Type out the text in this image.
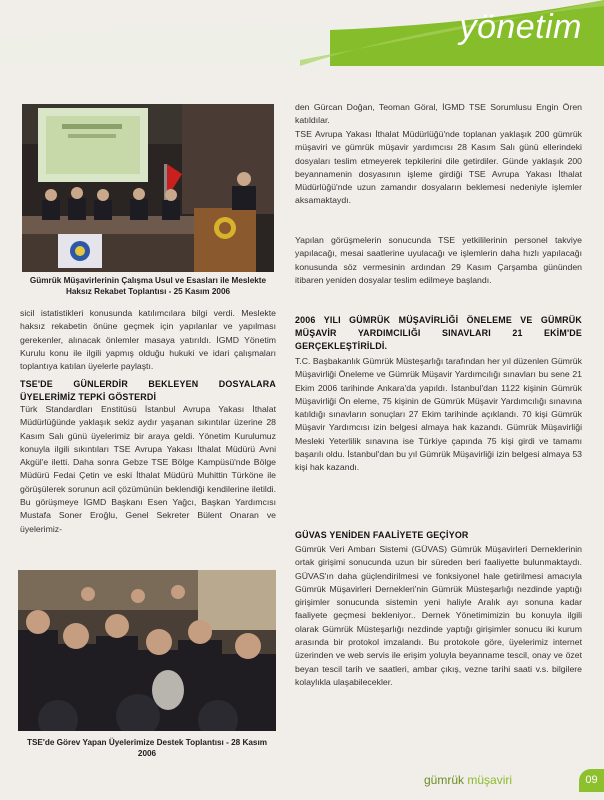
yönetim
Gümrük Müşavirlerinin Çalışma Usul ve Esasları ile Meslekte Haksız Rekabet Toplantısı - 25 Kasım 2006
sicil istatistikleri konusunda katılımcılara bilgi verdi. Meslekte haksız rekabetin önüne geçmek için yapılanlar ve yapılması gerekenler, alınacak önlemler masaya yatırıldı. İGMD Yönetim Kurulu konu ile ilgili yapmış olduğu hukuki ve idari çalışmaları toplantıya katılan üyelerle paylaştı.
TSE'DE GÜNLERDİR BEKLEYEN DOSYALARA ÜYELERİMİZ TEPKİ GÖSTERDİ
Türk Standardları Enstitüsü İstanbul Avrupa Yakası İthalat Müdürlüğünde yaklaşık sekiz aydır yaşanan sıkıntılar üzerine 28 Kasım Salı günü üyelerimiz bir araya geldi. Yönetim Kurulumuz konuyla ilgili sıkıntıları TSE Avrupa Yakası İthalat Müdürü Avni Akgül'e iletti. Daha sonra Gebze TSE Bölge Kampüsü'nde Bölge Müdürü Fedai Çetin ve eski İthalat Müdürü Muhittin Türköne ile görüşülerek sorunun acil çözümünün beklendiği kendilerine iletildi. Bu görüşmeye İGMD Başkanı Esen Yağcı, Başkan Yardımcısı Mustafa Soner Eroğlu, Genel Sekreter Bülent Onaran ve üyelerimiz-
TSE'de Görev Yapan Üyelerimize Destek Toplantısı - 28 Kasım 2006
den Gürcan Doğan, Teoman Göral, İGMD TSE Sorumlusu Engin Ören katıldılar.
TSE Avrupa Yakası İthalat Müdürlüğü'nde toplanan yaklaşık 200 gümrük müşaviri ve gümrük müşavir yardımcısı 28 Kasım Salı günü ellerindeki dosyaları teslim etmeyerek tepkilerini dile getirdiler. Günde yaklaşık 200 beyannamenin dosyasının işleme girdiği TSE Avrupa Yakası İthalat Müdürlüğü'nde uzun zamandır dosyaların beklemesi nedeniyle işlemler aksamaktaydı.
Yapılan görüşmelerin sonucunda TSE yetkililerinin personel takviye yapılacağı, mesai saatlerine uyulacağı ve işlemlerin daha hızlı yapılacağı konusunda söz vermesinin ardından 29 Kasım Çarşamba gününden itibaren yeniden dosyalar teslim edilmeye başlandı.
2006 YILI GÜMRÜK MÜŞAVİRLİĞİ ÖNELEME VE GÜMRÜK MÜŞAVİR YARDIMCILIĞI SINAVLARI 21 EKİM'DE GERÇEKLEŞTİRİLDİ.
T.C. Başbakanlık Gümrük Müsteşarlığı tarafından her yıl düzenlen Gümrük Müşavirliği Öneleme ve Gümrük Müşavir Yardımcılığı sınavları bu sene 21 Ekim 2006 tarihinde Ankara'da yapıldı. İstanbul'dan 1122 kişinin Gümrük Müşavirliği Ön eleme, 75 kişinin de Gümrük Müşavir Yardımcılığı sınavına katıldığı sınavların sonuçları 27 Ekim tarihinde açıklandı. 70 kişi Gümrük Müşavir Yardımcısı izin belgesi almaya hak kazandı. Gümrük Müşavirliği Mesleki Yeterlilik sınavına ise Türkiye çapında 75 kişi girdi ve tamamı başarılı oldu. İstanbul'dan bu yıl Gümrük Müşavirliği izin belgesi almaya 53 kişi hak kazandı.
GÜVAS YENİDEN FAALİYETE GEÇİYOR
Gümrük Veri Ambarı Sistemi (GÜVAS) Gümrük Müşavirleri Derneklerinin ortak girişimi sonucunda uzun bir süreden beri faaliyette bulunmaktaydı. GÜVAS'ın daha güçlendirilmesi ve fonksiyonel hale getirilmesi amacıyla Gümrük Müşavirleri Dernekleri'nin Gümrük Müsteşarlığı nezdinde yaptığı girişimler sonucunda sistemin yeni haliyle Aralık ayı sonuna kadar faaliyete geçmesi bekleniyor.. Dernek Yönetimimizin bu konuyla ilgili olarak Gümrük Müsteşarlığı nezdinde yaptığı girişimler sonucu iki kurum arasında bir protokol imzalandı. Bu protokole göre, üyelerimiz internet üzerinden ve web servis ile erişim yoluyla beyanname tescil, onay ve özet beyan tescil tarih ve saatleri, ambar çıkış, vezne tarihi saati v.s. bilgilere kolaylıkla ulaşabilecekler.
gümrük müşaviri	09
